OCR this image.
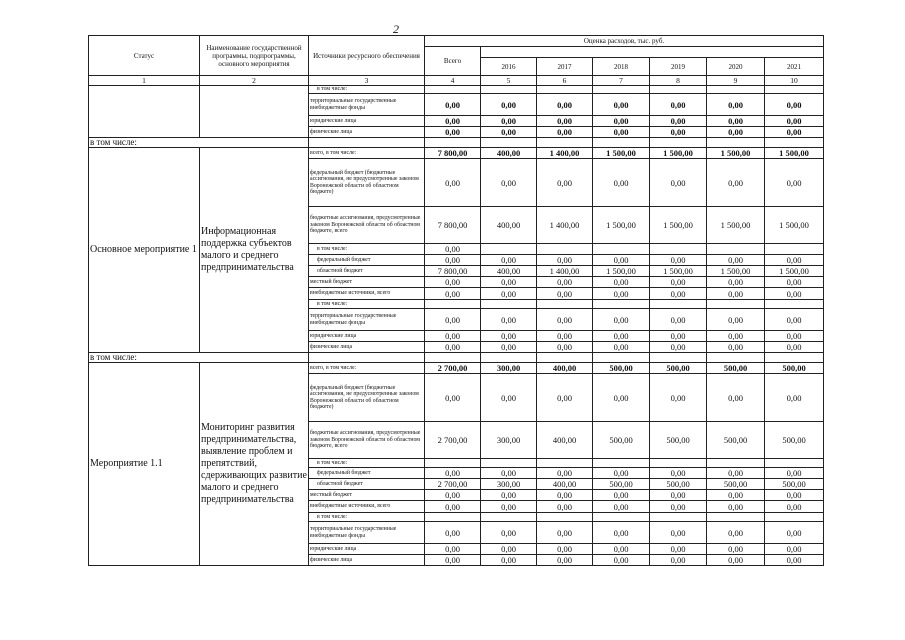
2
Статус	Наименование государственной программы, подпрограммы, основного мероприятия	Источники ресурсного обеспечения	Оценка расходов, тыс. руб.						
			Всего						
				2016	2017	2018	2019	2020	2021
1	2	3	4	5	6	7	8	9	10
		в том числе:							
		территориальные государственные внебюджетные фонды	0,00	0,00	0,00	0,00	0,00	0,00	0,00
		юридические лица	0,00	0,00	0,00	0,00	0,00	0,00	0,00
		физические лица	0,00	0,00	0,00	0,00	0,00	0,00	0,00
в том числе:									
Основное мероприятие 1	Информационная поддержка субъектов малого и среднего предпринимательства	всего, в том числе:	7 800,00	400,00	1 400,00	1 500,00	1 500,00	1 500,00	1 500,00
		федеральный бюджет (бюджетные ассигнования, не предусмотренные законом Воронежской области об областном бюджете)	0,00	0,00	0,00	0,00	0,00	0,00	0,00
		бюджетные ассигнования, предусмотренные законом Воронежской области об областном бюджете, всего	7 800,00	400,00	1 400,00	1 500,00	1 500,00	1 500,00	1 500,00
		в том числе:	0,00						
		федеральный бюджет	0,00	0,00	0,00	0,00	0,00	0,00	0,00
		областной бюджет	7 800,00	400,00	1 400,00	1 500,00	1 500,00	1 500,00	1 500,00
		местный бюджет	0,00	0,00	0,00	0,00	0,00	0,00	0,00
		внебюджетные источники, всего	0,00	0,00	0,00	0,00	0,00	0,00	0,00
		в том числе:							
		территориальные государственные внебюджетные фонды	0,00	0,00	0,00	0,00	0,00	0,00	0,00
		юридические лица	0,00	0,00	0,00	0,00	0,00	0,00	0,00
		физические лица	0,00	0,00	0,00	0,00	0,00	0,00	0,00
в том числе:									
Мероприятие 1.1	Мониторинг развития предпринимательства, выявление проблем и препятствий, сдерживающих развитие малого и среднего предпринимательства	всего, в том числе:	2 700,00	300,00	400,00	500,00	500,00	500,00	500,00
		федеральный бюджет (бюджетные ассигнования, не предусмотренные законом Воронежской области об областном бюджете)	0,00	0,00	0,00	0,00	0,00	0,00	0,00
		бюджетные ассигнования, предусмотренные законом Воронежской области об областном бюджете, всего	2 700,00	300,00	400,00	500,00	500,00	500,00	500,00
		в том числе:							
		федеральный бюджет	0,00	0,00	0,00	0,00	0,00	0,00	0,00
		областной бюджет	2 700,00	300,00	400,00	500,00	500,00	500,00	500,00
		местный бюджет	0,00	0,00	0,00	0,00	0,00	0,00	0,00
		внебюджетные источники, всего	0,00	0,00	0,00	0,00	0,00	0,00	0,00
		в том числе:							
		территориальные государственные внебюджетные фонды	0,00	0,00	0,00	0,00	0,00	0,00	0,00
		юридические лица	0,00	0,00	0,00	0,00	0,00	0,00	0,00
		физические лица	0,00	0,00	0,00	0,00	0,00	0,00	0,00
